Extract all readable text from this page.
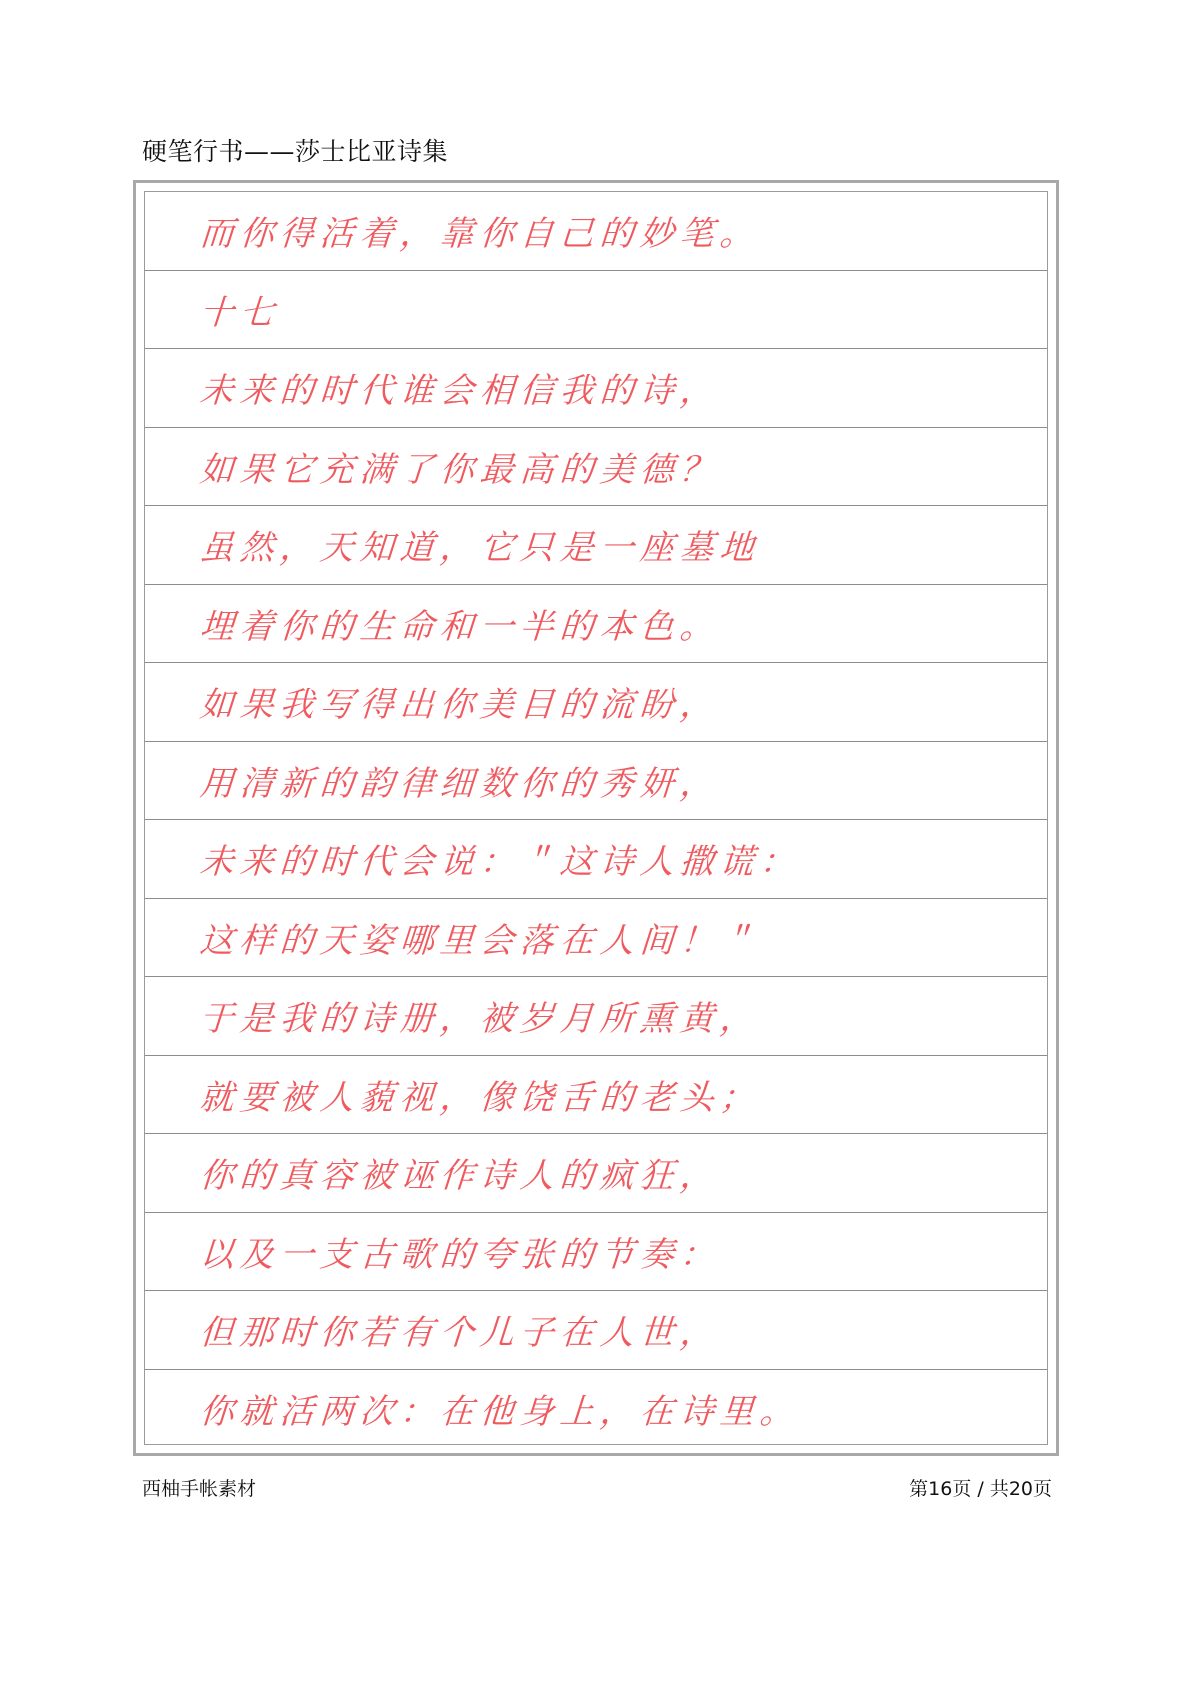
硬笔行书——莎士比亚诗集
而你得活着，靠你自己的妙笔。
十七
未来的时代谁会相信我的诗，
如果它充满了你最高的美德？
虽然，天知道，它只是一座墓地
埋着你的生命和一半的本色。
如果我写得出你美目的流盼，
用清新的韵律细数你的秀妍，
未来的时代会说：＂这诗人撒谎：
这样的天姿哪里会落在人间！＂
于是我的诗册，被岁月所熏黄，
就要被人藐视，像饶舌的老头；
你的真容被诬作诗人的疯狂，
以及一支古歌的夸张的节奏：
但那时你若有个儿子在人世，
你就活两次：在他身上，在诗里。
西柚手帐素材	第16页 / 共20页
